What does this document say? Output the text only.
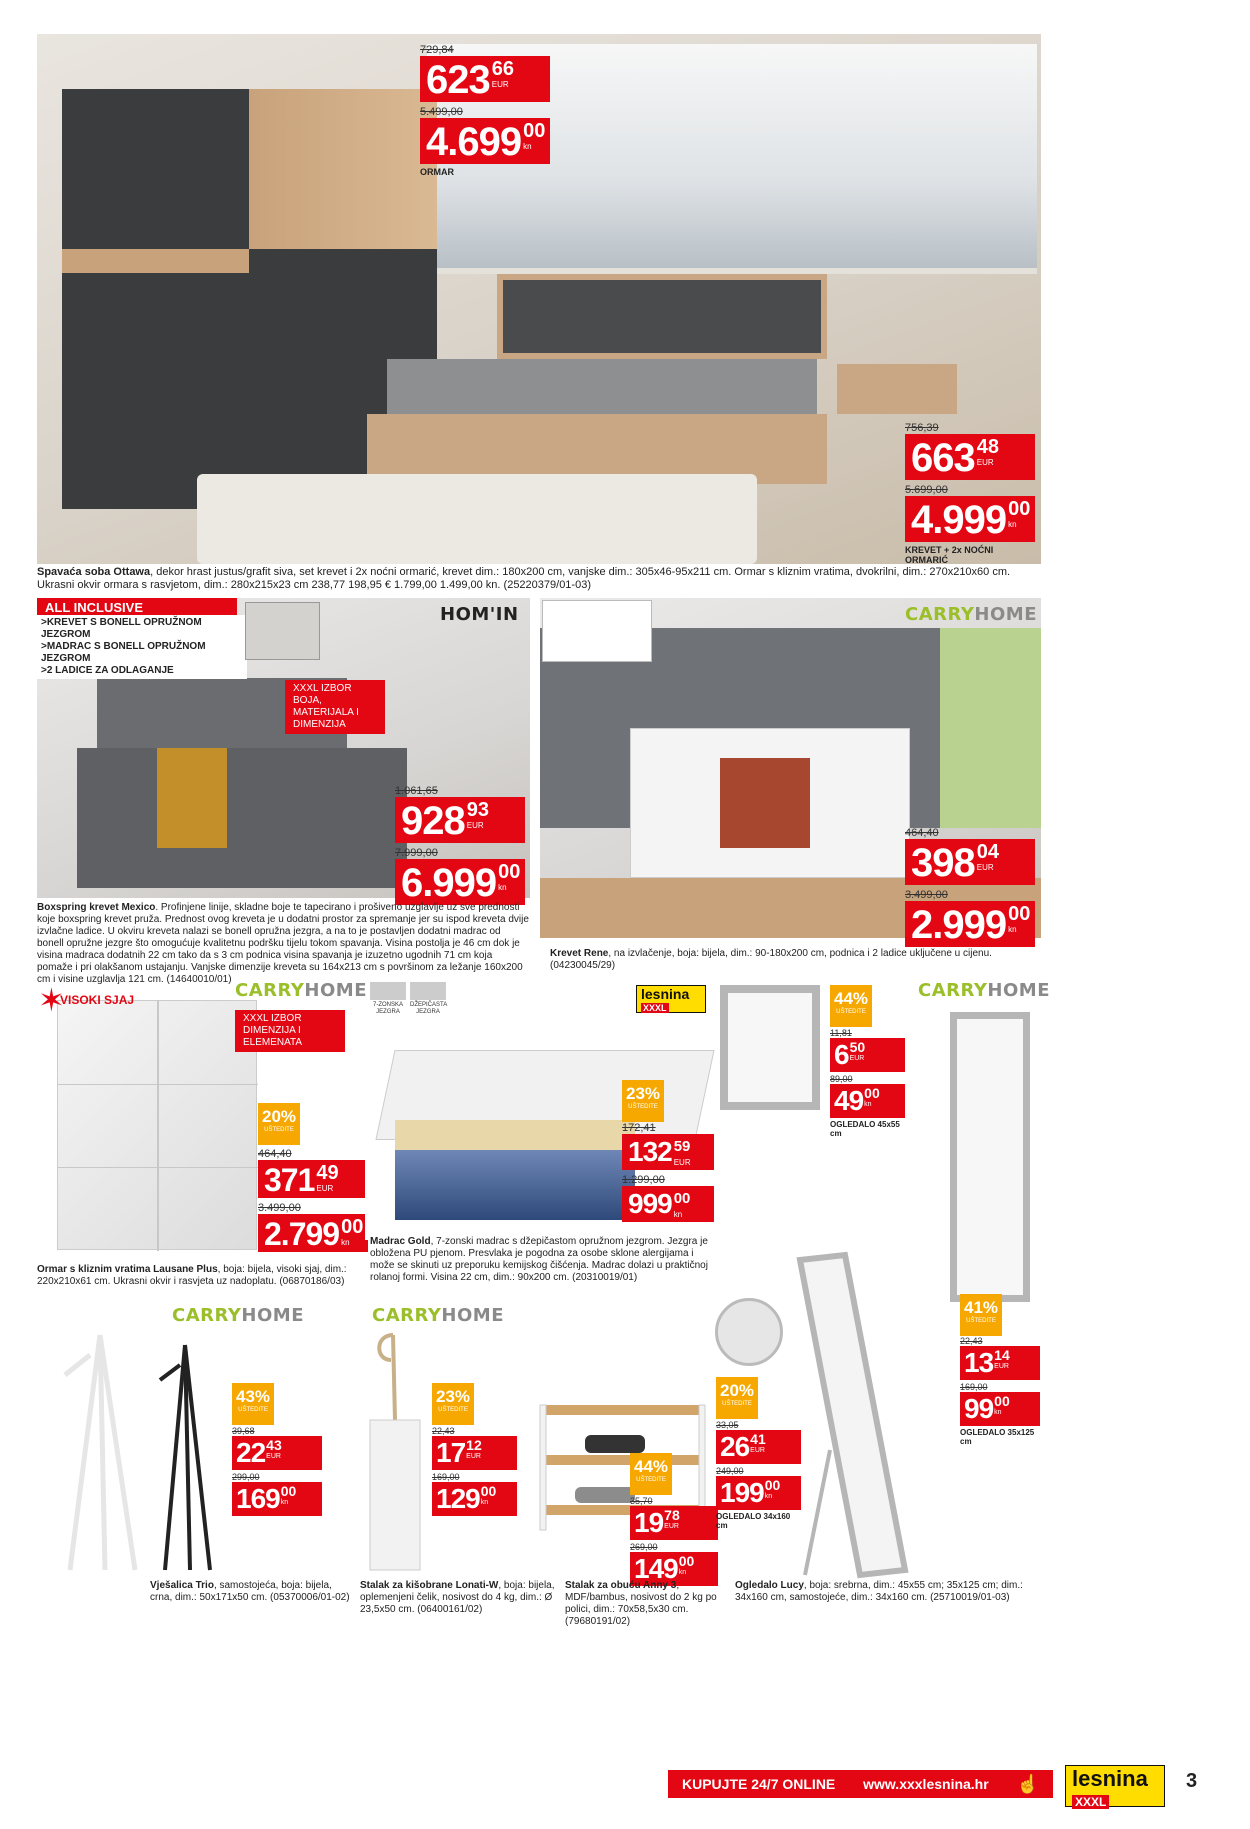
729,84
623 66
EUR
5.499,00
4.699 00
kn
ORMAR
756,39
663 48
EUR
5.699,00
4.999 00
kn
KREVET + 2x NOĆNI ORMARIĆ
Spavaća soba Ottawa, dekor hrast justus/grafit siva, set krevet i 2x noćni ormarić, krevet dim.: 180x200 cm, vanjske dim.: 305x46-95x211 cm. Ormar s kliznim vratima, dvokrilni, dim.: 270x210x60 cm. Ukrasni okvir ormara s rasvjetom, dim.: 280x215x23 cm 238,77 198,95 € 1.799,00 1.499,00 kn. (25220379/01-03)
ALL INCLUSIVE
>KREVET S BONELL OPRUŽNOM JEZGROM
>MADRAC S BONELL OPRUŽNOM JEZGROM
>2 LADICE ZA ODLAGANJE
HOM'IN
XXXL IZBOR BOJA, MATERIJALA I DIMENZIJA
1.061,65
928 93
EUR
7.999,00
6.999 00
kn
Boxspring krevet Mexico. Profinjene linije, skladne boje te tapecirano i prošiveno uzglavlje uz sve prednosti koje boxspring krevet pruža. Prednost ovog kreveta je u dodatni prostor za spremanje jer su ispod kreveta dvije izvlačne ladice. U okviru kreveta nalazi se bonell opružna jezgra, a na to je postavljen dodatni madrac od bonell opružne jezgre što omogućuje kvalitetnu podršku tijelu tokom spavanja. Visina postolja je 46 cm dok je visina madraca dodatnih 22 cm tako da s 3 cm podnica visina spavanja je izuzetno ugodnih 71 cm koja pomaže i pri olakšanom ustajanju. Vanjske dimenzije kreveta su 164x213 cm s površinom za ležanje 160x200 cm i visine uzglavlja 121 cm. (14640010/01)
CARRYHOME
464,40
398 04
EUR
3.499,00
2.999 00
kn
Krevet Rene, na izvlačenje, boja: bijela, dim.: 90-180x200 cm, podnica i 2 ladice uključene u cijenu. (04230045/29)
✶
VISOKI SJAJ	CARRYHOME
XXXL IZBOR DIMENZIJA I ELEMENATA
20%
UŠTEDITE
464,40
371 49
EUR
3.499,00
2.799 00
kn
Ormar s kliznim vratima Lausane Plus, boja: bijela, visoki sjaj, dim.: 220x210x61 cm. Ukrasni okvir i rasvjeta uz nadoplatu. (06870186/03)
7-ZONSKA JEZGRA
DŽEPIČASTA JEZGRA
lesnina
XXXL
23%
UŠTEDITE
172,41
132 59
EUR
1.299,00
999 00
kn
Madrac Gold, 7-zonski madrac s džepičastom opružnom jezgrom. Jezgra je obložena PU pjenom. Presvlaka je pogodna za osobe sklone alergijama i može se skinuti uz preporuku kemijskog čišćenja. Madrac dolazi u praktičnoj rolanoj formi. Visina 22 cm, dim.: 90x200 cm. (20310019/01)
44%
UŠTEDITE
11,81
6 50
EUR
89,00
49 00
kn
OGLEDALO 45x55 cm
CARRYHOME
41%
UŠTEDITE
22,43
13 14
EUR
169,00
99 00
kn
OGLEDALO 35x125 cm
CARRYHOME
43%
UŠTEDITE
39,68
22 43
EUR
299,00
169 00
kn
Vješalica Trio, samostojeća, boja: bijela, crna, dim.: 50x171x50 cm. (05370006/01-02)
CARRYHOME
23%
UŠTEDITE
22,43
17 12
EUR
169,00
129 00
kn
Stalak za kišobrane Lonati-W, boja: bijela, oplemenjeni čelik, nosivost do 4 kg, dim.: Ø 23,5x50 cm. (06400161/02)
44%
UŠTEDITE
35,70
19 78
EUR
269,00
149 00
kn
Stalak za obuću Anny 3, MDF/bambus, nosivost do 2 kg po polici, dim.: 70x58,5x30 cm. (79680191/02)
20%
UŠTEDITE
33,05
26 41
EUR
249,00
199 00
kn
OGLEDALO 34x160 cm
Ogledalo Lucy, boja: srebrna, dim.: 45x55 cm; 35x125 cm; dim.: 34x160 cm, samostojeće, dim.: 34x160 cm. (25710019/01-03)
KUPUJTE 24/7 ONLINE www.xxxlesnina.hr ☝	lesnina
XXXL
3
